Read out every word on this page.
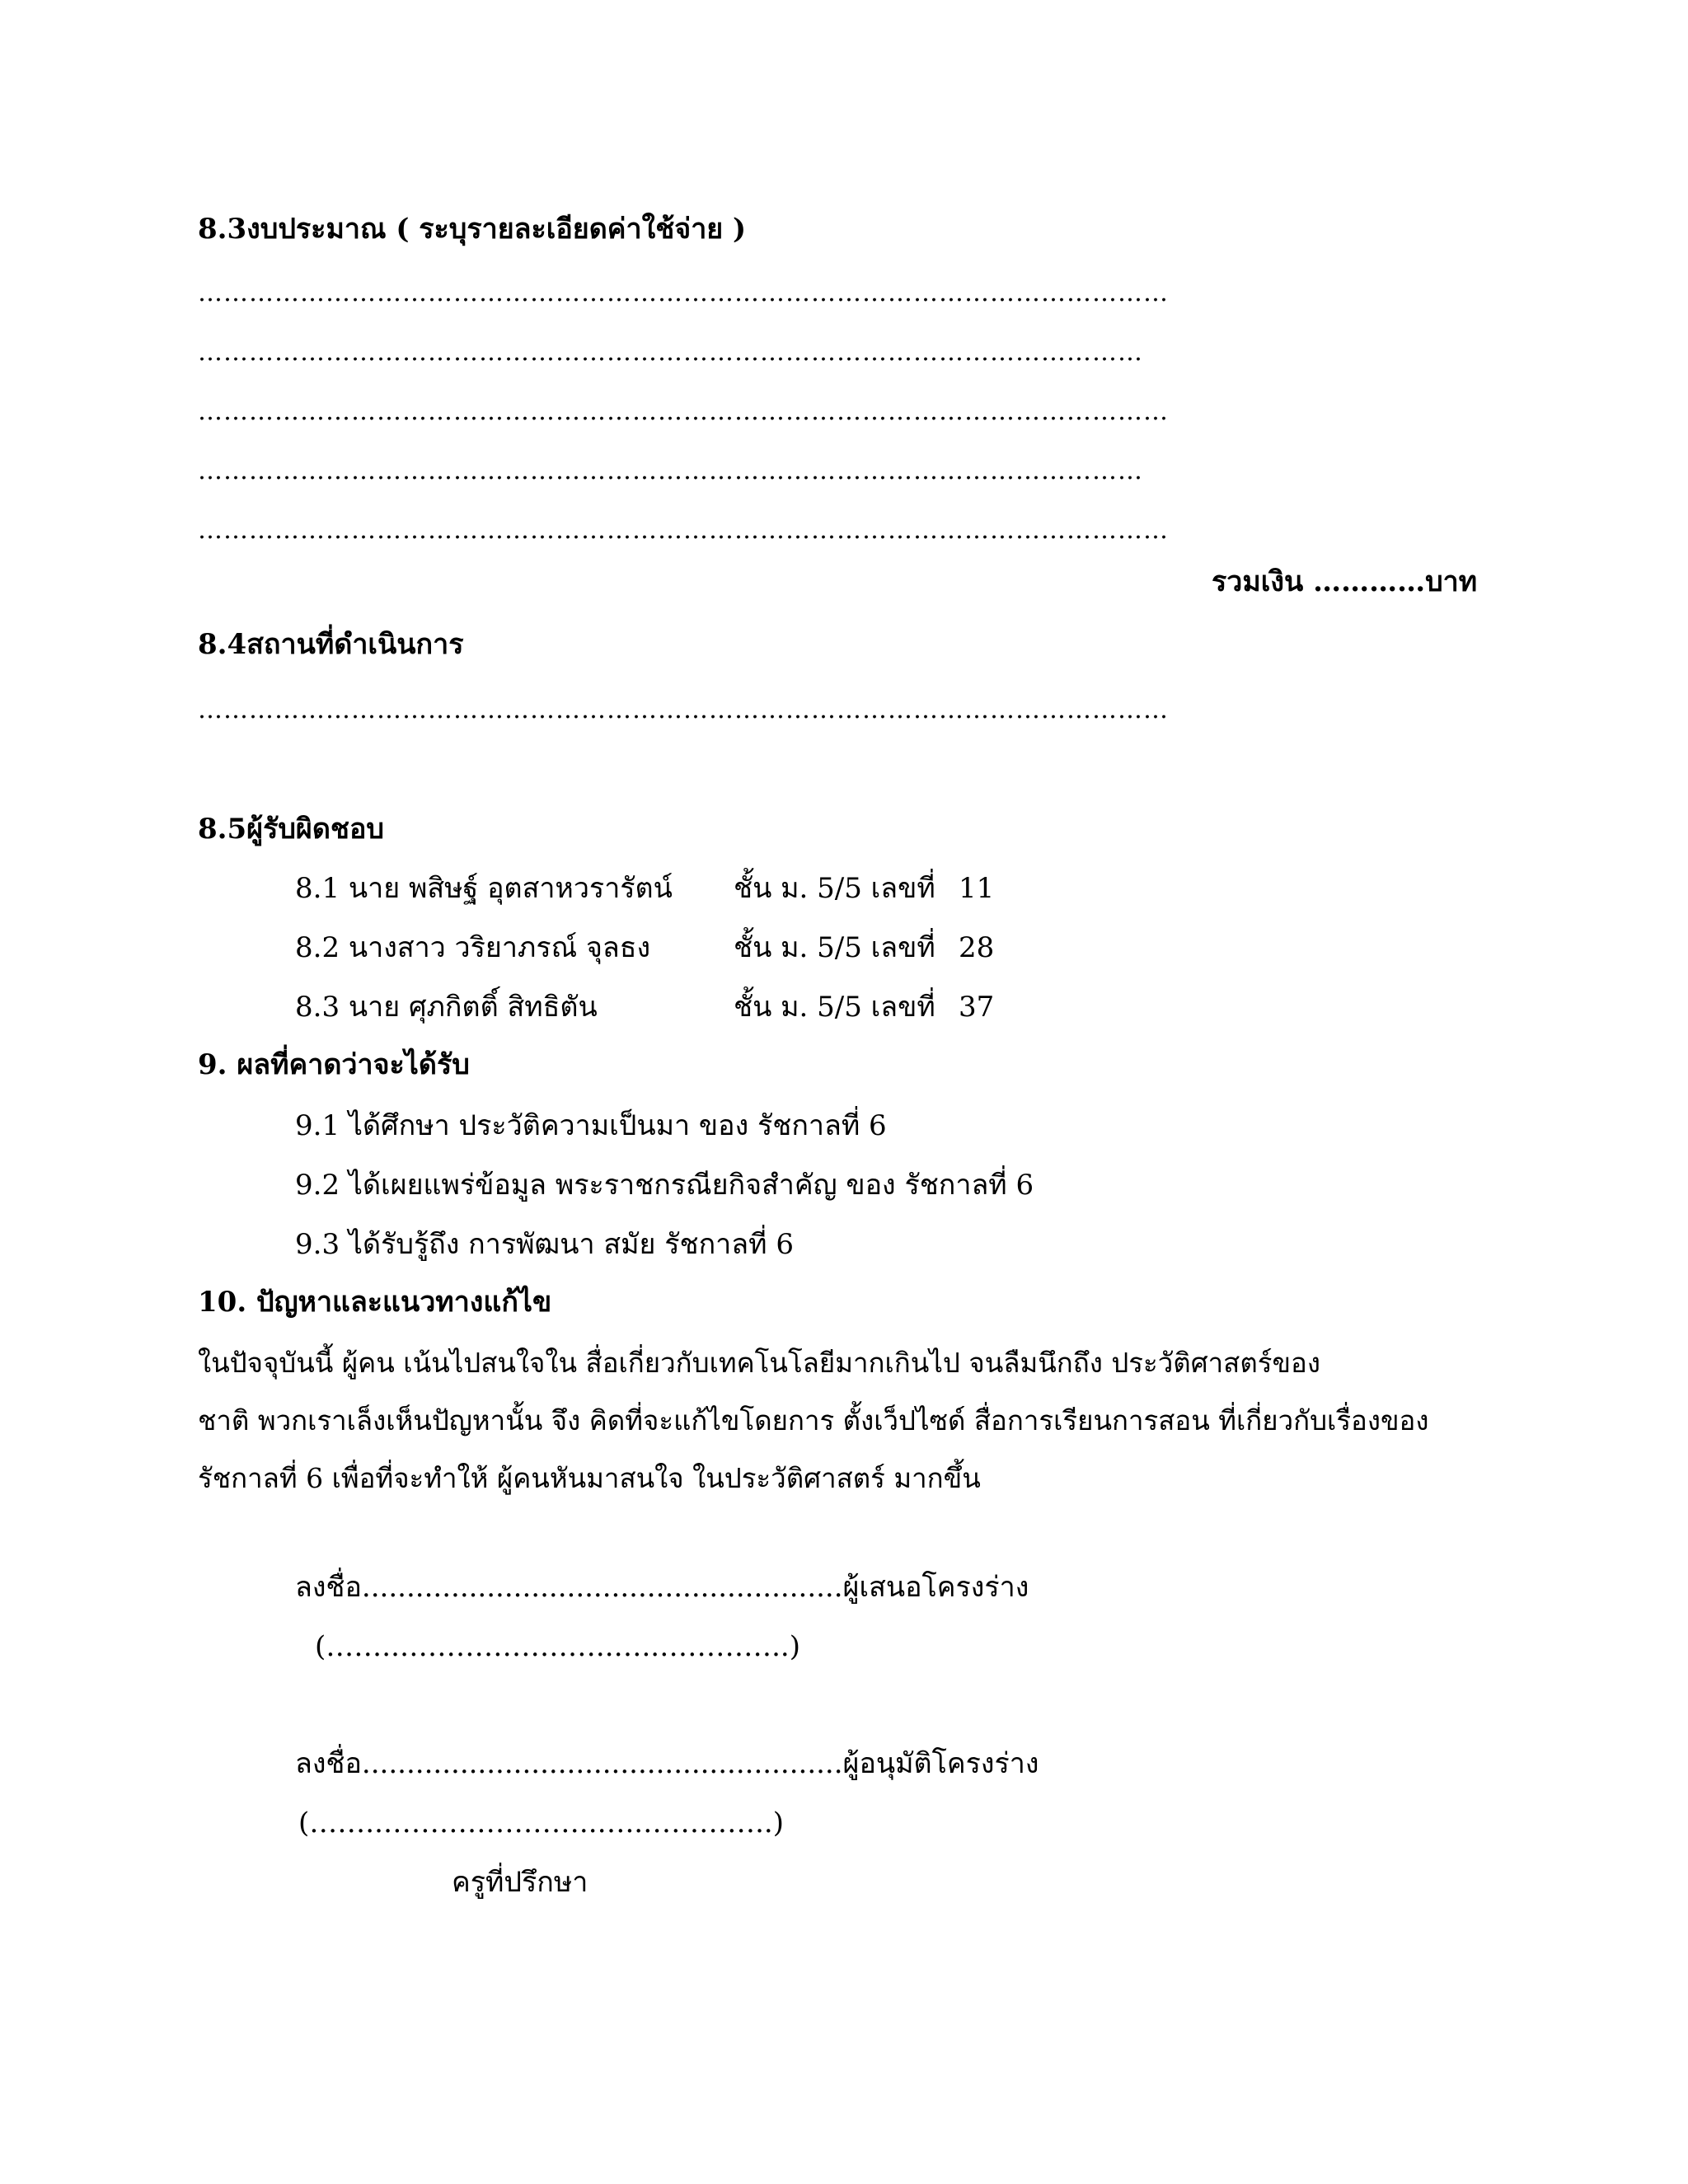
8.3งบประมาณ ( ระบุรายละเอียดค่าใช้จ่าย )
……………………………………………………………………………………………………
…………………………………………………………………………………………………
……………………………………………………………………………………………………
…………………………………………………………………………………………………
……………………………………………………………………………………………………
รวมเงิน …………บาท
8.4สถานที่ดำเนินการ
……………………………………………………………………………………………………
8.5ผู้รับผิดชอบ
8.1 นาย พสิษฐ์ อุตสาหวรารัตน์ ชั้น ม. 5/5 เลขที่ 11
8.2 นางสาว วริยาภรณ์ จุลธง	ชั้น ม. 5/5 เลขที่ 28
8.3 นาย ศุภกิตติ์ สิทธิตัน	ชั้น ม. 5/5 เลขที่ 37
9. ผลที่คาดว่าจะได้รับ
9.1 ได้ศึกษา ประวัติความเป็นมา ของ รัชกาลที่ 6
9.2 ได้เผยแพร่ข้อมูล พระราชกรณียกิจสำคัญ ของ รัชกาลที่ 6
9.3 ได้รับรู้ถึง การพัฒนา สมัย รัชกาลที่ 6
10. ปัญหาและแนวทางแก้ไข
ในปัจจุบันนี้ ผู้คน เน้นไปสนใจใน สื่อเกี่ยวกับเทคโนโลยีมากเกินไป จนลืมนึกถึง ประวัติศาสตร์ของ
ชาติ พวกเราเล็งเห็นปัญหานั้น จึง คิดที่จะแก้ไขโดยการ ตั้งเว็ปไซด์ สื่อการเรียนการสอน ที่เกี่ยวกับเรื่องของ
รัชกาลที่ 6 เพื่อที่จะทำให้ ผู้คนหันมาสนใจ ในประวัติศาสตร์ มากขึ้น
ลงชื่อ......................................................ผู้เสนอโครงร่าง
(……..…………………..…..…………..)
ลงชื่อ......................................................ผู้อนุมัติโครงร่าง
(……..…………………..…..…………..)
ครูที่ปรึกษา
